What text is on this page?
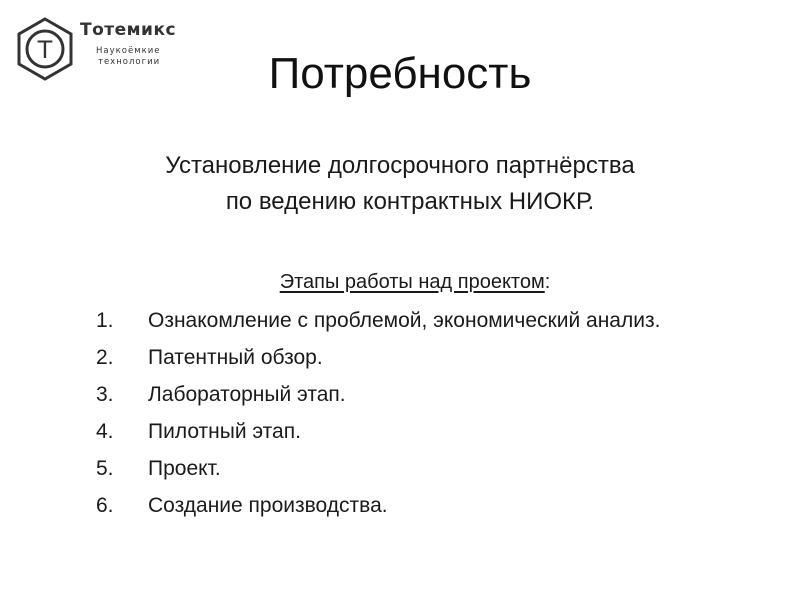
Т
Тотемикс
Наукоёмкие
технологии	Потребность
Установление долгосрочного партнёрства
по ведению контрактных НИОКР.
Этапы работы над проектом:
1. Ознакомление с проблемой, экономический анализ.
2. Патентный обзор.
3. Лабораторный этап.
4. Пилотный этап.
5. Проект.
6. Создание производства.
